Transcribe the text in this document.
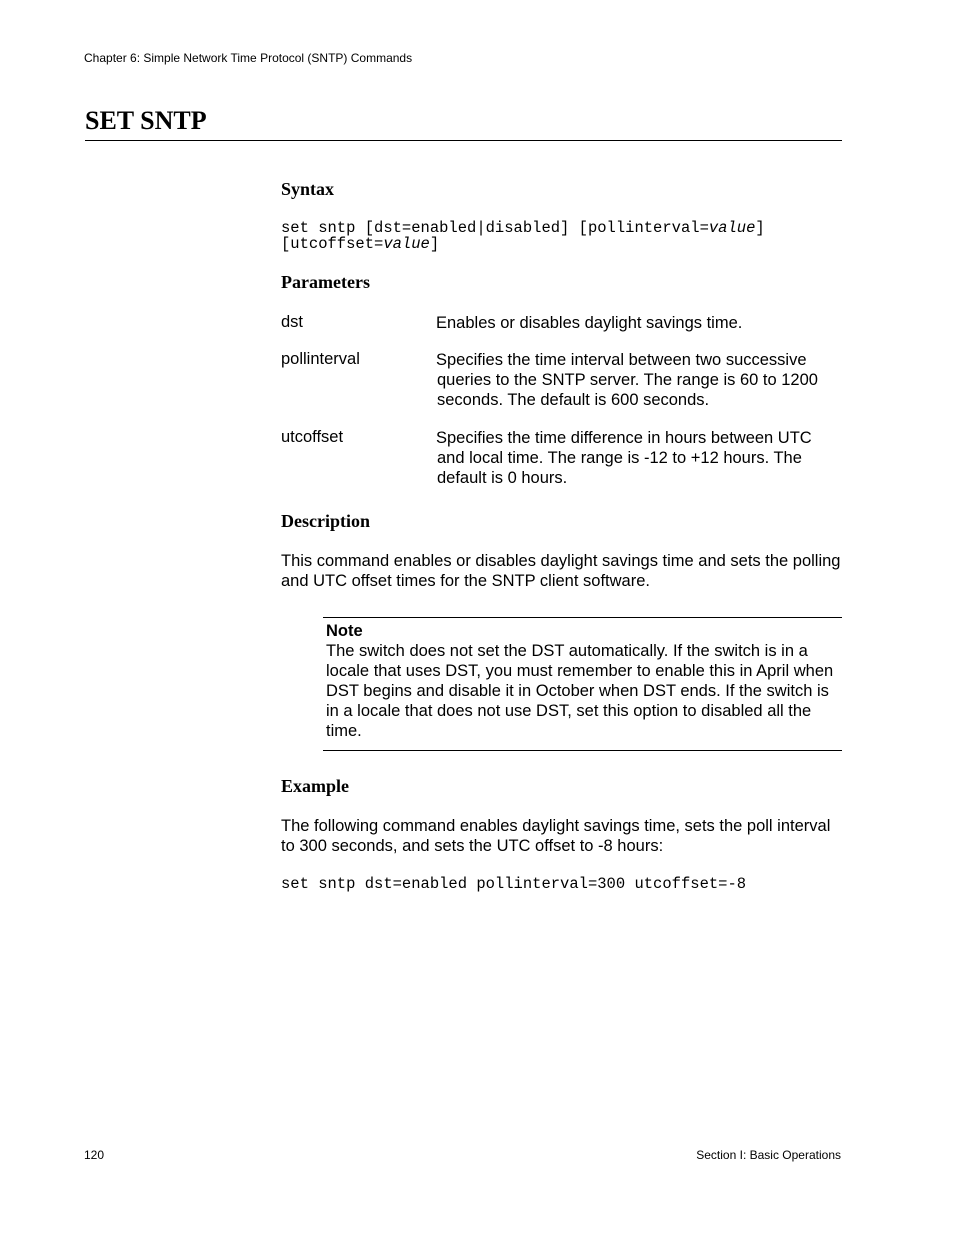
Chapter 6: Simple Network Time Protocol (SNTP) Commands
SET SNTP
Syntax
set sntp [dst=enabled|disabled] [pollinterval=value]
[utcoffset=value]
Parameters
dst	Enables or disables daylight savings time.
pollinterval	Specifies the time interval between two successive queries to the SNTP server. The range is 60 to 1200 seconds. The default is 600 seconds.
utcoffset	Specifies the time difference in hours between UTC and local time. The range is -12 to +12 hours. The default is 0 hours.
Description
This command enables or disables daylight savings time and sets the polling and UTC offset times for the SNTP client software.
Note
The switch does not set the DST automatically. If the switch is in a locale that uses DST, you must remember to enable this in April when DST begins and disable it in October when DST ends. If the switch is in a locale that does not use DST, set this option to disabled all the time.
Example
The following command enables daylight savings time, sets the poll interval to 300 seconds, and sets the UTC offset to -8 hours:
set sntp dst=enabled pollinterval=300 utcoffset=-8
120	Section I: Basic Operations
